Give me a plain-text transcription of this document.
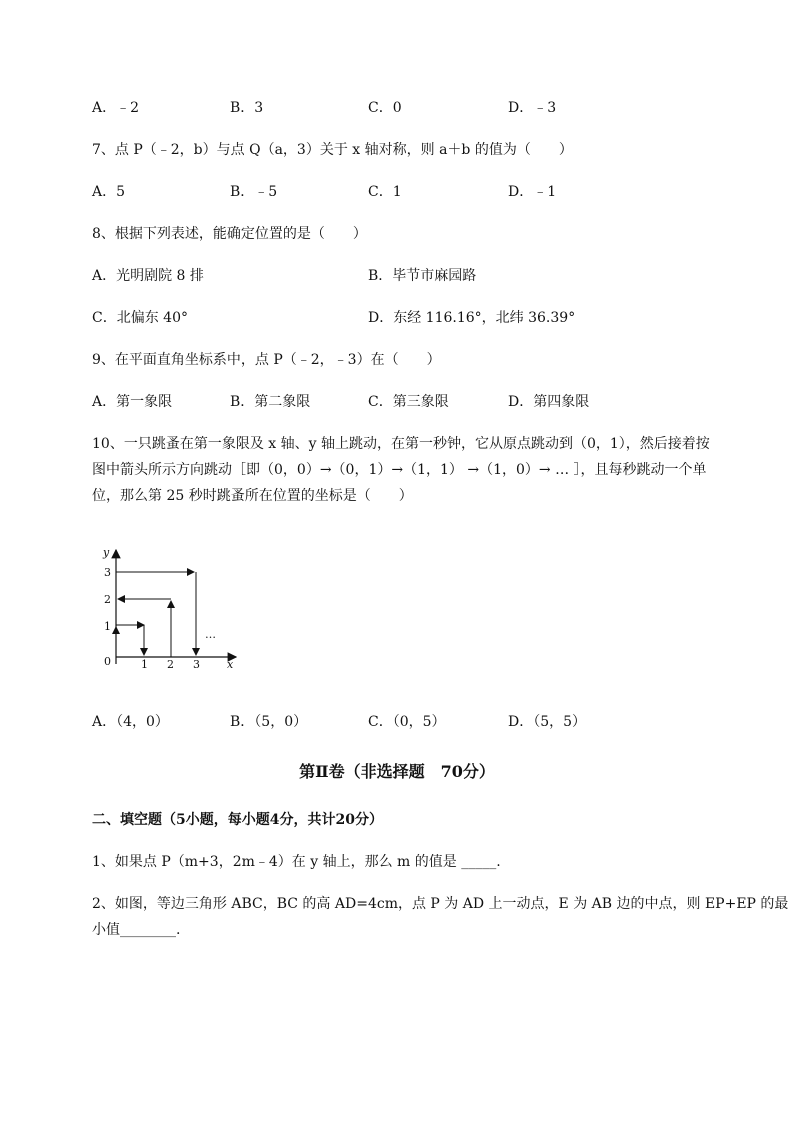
A．﹣2	B．3	C．0	D．﹣3
7、点 P（﹣2，b）与点 Q（a，3）关于 x 轴对称，则 a＋b 的值为（　　）
A．5	B．﹣5	C．1	D．﹣1
8、根据下列表述，能确定位置的是（　　）
A．光明剧院 8 排	B．毕节市麻园路
C．北偏东 40°	D．东经 116.16°，北纬 36.39°
9、在平面直角坐标系中，点 P（﹣2，﹣3）在（　　）
A．第一象限	B．第二象限	C．第三象限	D．第四象限
10、一只跳蚤在第一象限及 x 轴、y 轴上跳动，在第一秒钟，它从原点跳动到（0，1），然后接着按
图中箭头所示方向跳动［即（0，0）→（0，1）→（1，1） →（1，0）→ … ］，且每秒跳动一个单
位，那么第 25 秒时跳蚤所在位置的坐标是（　　）
y
x
0	1 2 3
1
2
3
…
A．（4，0）	B．（5，0）	C．（0，5）	D．（5，5）
第Ⅱ卷（非选择题　70分）
二、填空题（5小题，每小题4分，共计20分）
1、如果点 P（m+3，2m﹣4）在 y 轴上，那么 m 的值是 _____.
2、如图，等边三角形 ABC，BC 的高 AD=4cm，点 P 为 AD 上一动点，E 为 AB 边的中点，则 EP+EP 的最
小值________.
